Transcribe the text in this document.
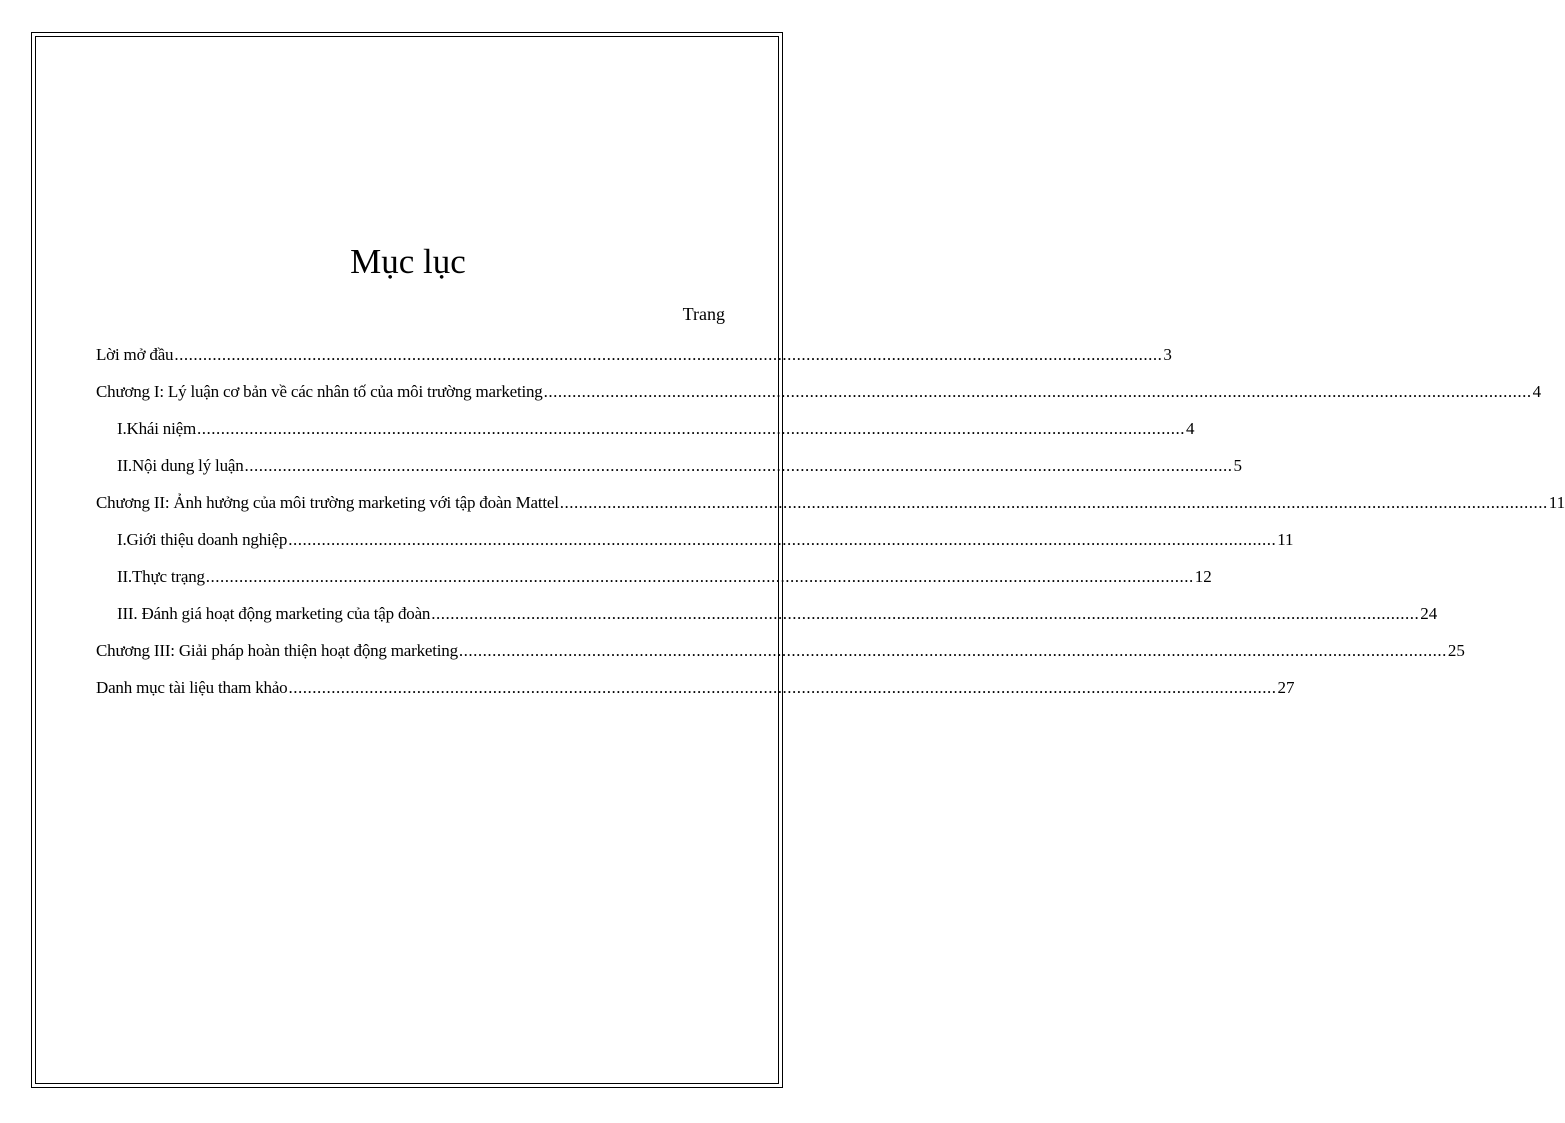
Mục lục
Trang
Lời mở đầu ................................................................................................................................................................................................................ 3
Chương I: Lý luận cơ bản về các nhân tố của môi trường marketing ................................................................................................................................................................................................................ 4
I.Khái niệm ................................................................................................................................................................................................................ 4
II.Nội dung lý luận ................................................................................................................................................................................................................ 5
Chương II: Ảnh hưởng của môi trường marketing với tập đoàn Mattel ................................................................................................................................................................................................................ 11
I.Giới thiệu doanh nghiệp ................................................................................................................................................................................................................ 11
II.Thực trạng ................................................................................................................................................................................................................ 12
III. Đánh giá hoạt động marketing của tập đoàn ................................................................................................................................................................................................................ 24
Chương III: Giải pháp hoàn thiện hoạt động marketing ................................................................................................................................................................................................................ 25
Danh mục tài liệu tham khảo ................................................................................................................................................................................................................ 27
